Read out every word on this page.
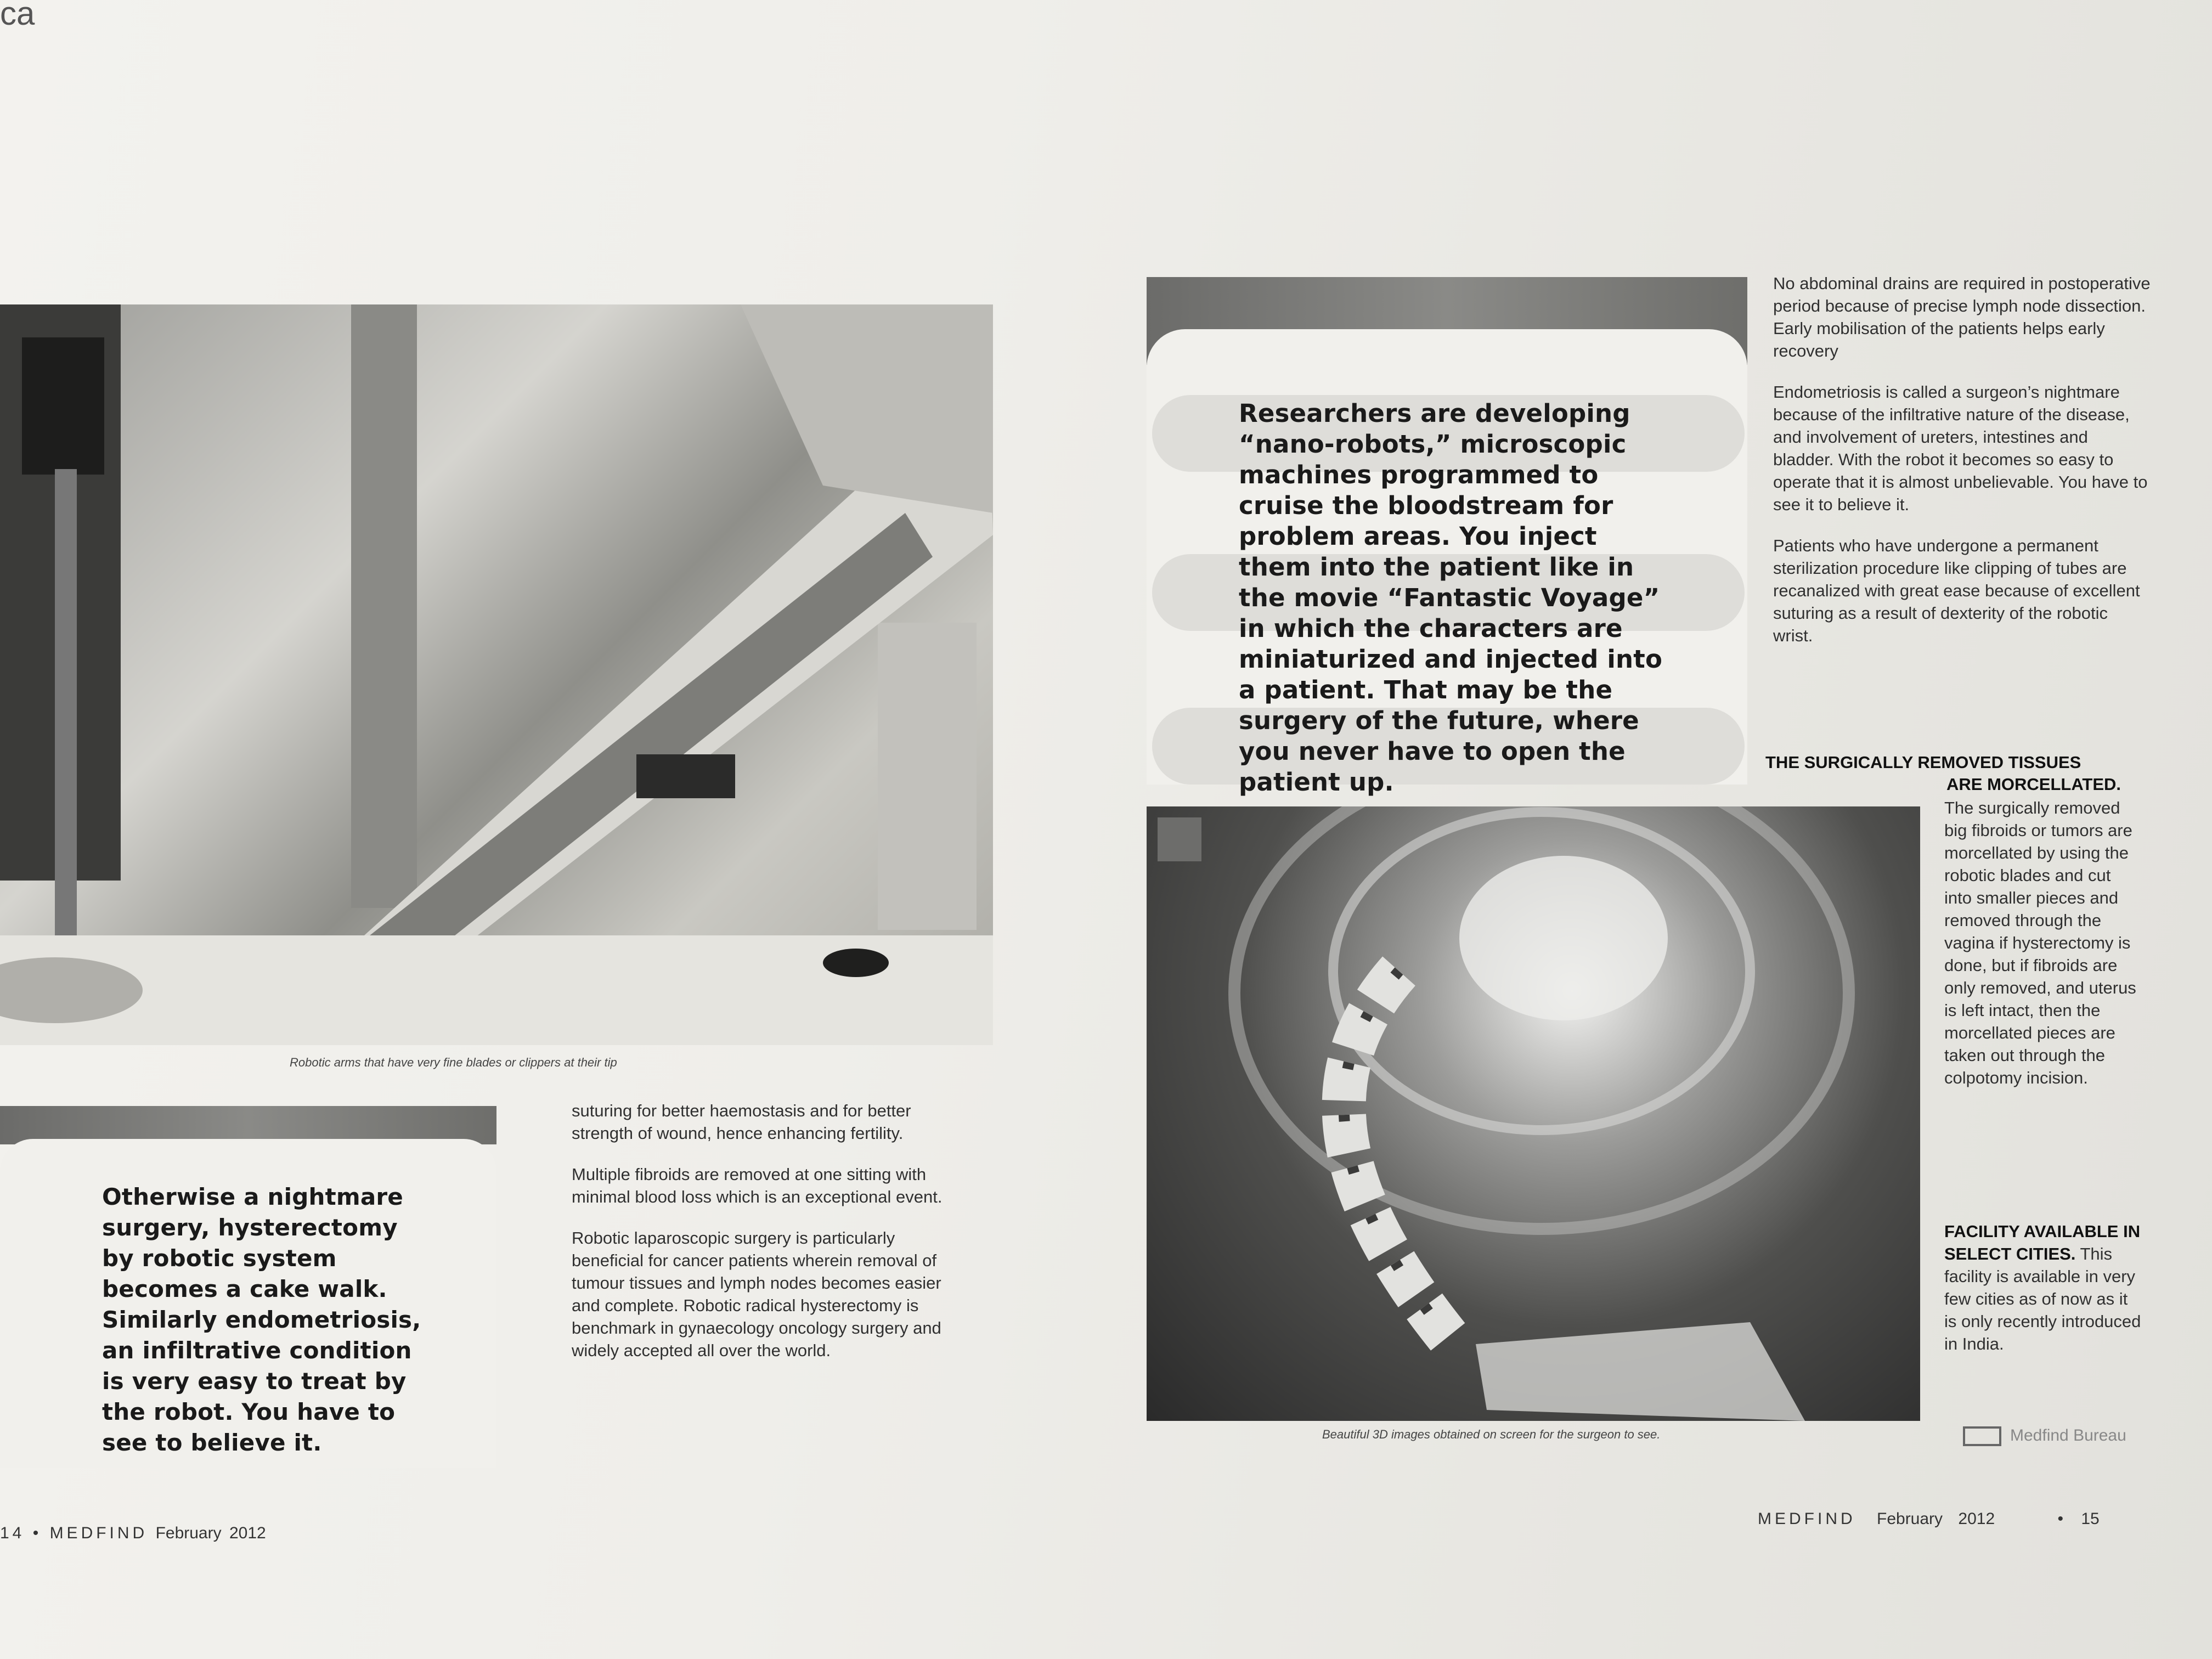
ca
Robotic arms that have very fine blades or clippers at their tip
Otherwise a nightmare surgery, hysterectomy by robotic system becomes a cake walk. Similarly endometriosis, an infiltrative condition is very easy to treat by the robot. You have to see to believe it.

suturing for better haemostasis and for better strength of wound, hence enhancing fertility.

Multiple fibroids are removed at one sitting with minimal blood loss which is an exceptional event.

Robotic laparoscopic surgery is particularly beneficial for cancer patients wherein removal of tumour tissues and lymph nodes becomes easier and complete. Robotic radical hysterectomy is benchmark in gynaecology oncology surgery and widely accepted all over the world.

14 • MEDFIND February 2012
Researchers are developing “nano-robots,” microscopic machines programmed to cruise the bloodstream for problem areas. You inject them into the patient like in the movie “Fantastic Voyage” in which the characters are miniaturized and injected into a patient. That may be the surgery of the future, where you never have to open the patient up.

No abdominal drains are required in postoperative period because of precise lymph node dissection. Early mobilisation of the patients helps early recovery

Endometriosis is called a surgeon’s nightmare because of the infiltrative nature of the disease, and involvement of ureters, intestines and bladder. With the robot it becomes so easy to operate that it is almost unbelievable. You have to see it to believe it.

Patients who have undergone a permanent sterilization procedure like clipping of tubes are recanalized with great ease because of excellent suturing as a result of dexterity of the robotic wrist.

THE SURGICALLY REMOVED TISSUES
ARE MORCELLATED.
The surgically removed big fibroids or tumors are morcellated by using the robotic blades and cut into smaller pieces and removed through the vagina if hysterectomy is done, but if fibroids are only removed, and uterus is left intact, then the morcellated pieces are taken out through the colpotomy incision.
FACILITY AVAILABLE IN SELECT CITIES. This facility is available in very few cities as of now as it is only recently introduced in India.
Beautiful 3D images obtained on screen for the surgeon to see.	Medfind Bureau
MEDFIND February 2012	• 15
